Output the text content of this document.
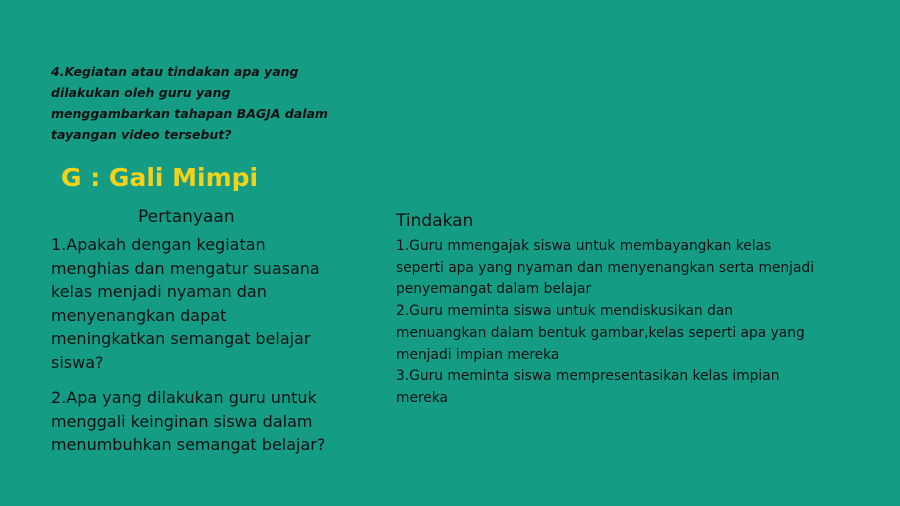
4.Kegiatan atau tindakan apa yang
dilakukan oleh guru yang
menggambarkan tahapan BAGJA dalam
tayangan video tersebut?
G : Gali Mimpi
Pertanyaan
1.Apakah dengan kegiatan
menghias dan mengatur suasana
kelas menjadi nyaman dan
menyenangkan dapat
meningkatkan semangat belajar
siswa?
2.Apa yang dilakukan guru untuk
menggali keinginan siswa dalam
menumbuhkan semangat belajar?
Tindakan
1.Guru mmengajak siswa untuk membayangkan kelas
seperti apa yang nyaman dan menyenangkan serta menjadi
penyemangat dalam belajar
2.Guru meminta siswa untuk mendiskusikan dan
menuangkan dalam bentuk gambar,kelas seperti apa yang
menjadi impian mereka
3.Guru meminta siswa mempresentasikan kelas impian
mereka
